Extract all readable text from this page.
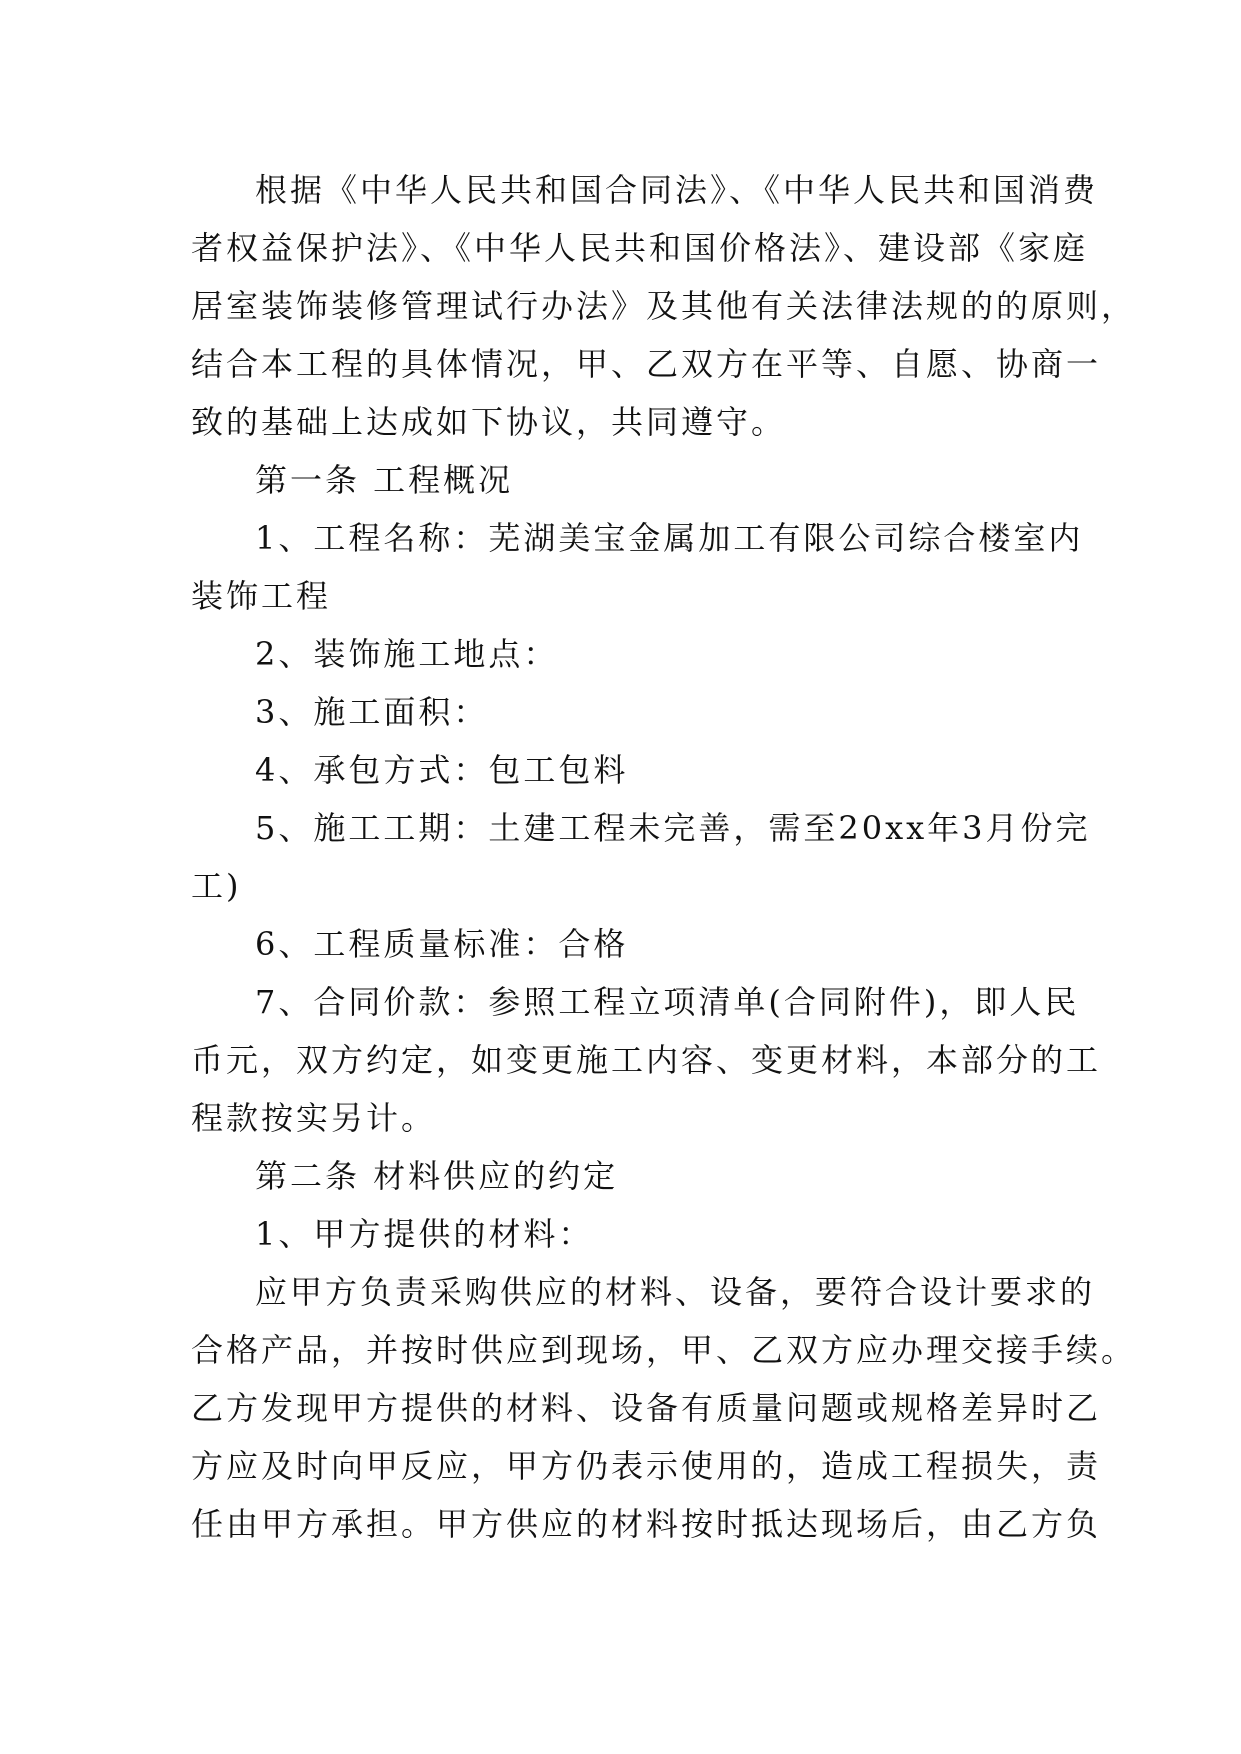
根据《中华人民共和国合同法》、《中华人民共和国消费
者权益保护法》、《中华人民共和国价格法》、建设部《家庭
居室装饰装修管理试行办法》及其他有关法律法规的的原则，
结合本工程的具体情况，甲、乙双方在平等、自愿、协商一
致的基础上达成如下协议，共同遵守。
第一条 工程概况
1、工程名称：芜湖美宝金属加工有限公司综合楼室内
装饰工程
2、装饰施工地点：
3、施工面积：
4、承包方式：包工包料
5、施工工期：土建工程未完善，需至20xx年3月份完
工)
6、工程质量标准：合格
7、合同价款：参照工程立项清单(合同附件)，即人民
币元，双方约定，如变更施工内容、变更材料，本部分的工
程款按实另计。
第二条 材料供应的约定
1、甲方提供的材料：
应甲方负责采购供应的材料、设备，要符合设计要求的
合格产品，并按时供应到现场，甲、乙双方应办理交接手续。
乙方发现甲方提供的材料、设备有质量问题或规格差异时乙
方应及时向甲反应，甲方仍表示使用的，造成工程损失，责
任由甲方承担。甲方供应的材料按时抵达现场后，由乙方负
